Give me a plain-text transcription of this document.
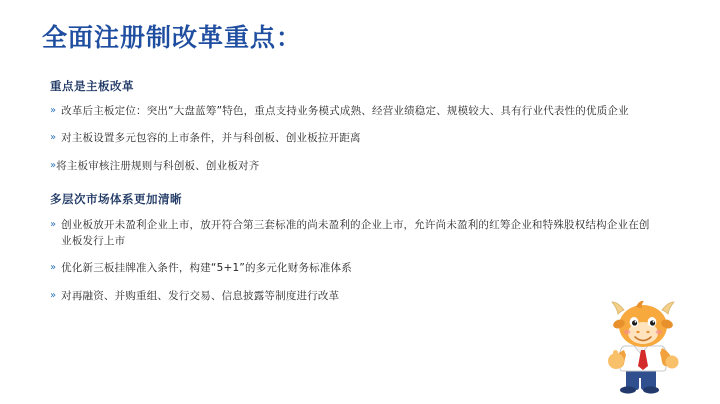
全面注册制改革重点：
重点是主板改革
» 改革后主板定位：突出“大盘蓝筹”特色，重点支持业务模式成熟、经营业绩稳定、规模较大、具有行业代表性的优质企业
» 对主板设置多元包容的上市条件，并与科创板、创业板拉开距离
» 将主板审核注册规则与科创板、创业板对齐
多层次市场体系更加清晰
» 创业板放开未盈利企业上市，放开符合第三套标准的尚未盈利的企业上市，允许尚未盈利的红筹企业和特殊股权结构企业在创业板发行上市
» 优化新三板挂牌准入条件，构建“5+1”的多元化财务标准体系
» 对再融资、并购重组、发行交易、信息披露等制度进行改革
